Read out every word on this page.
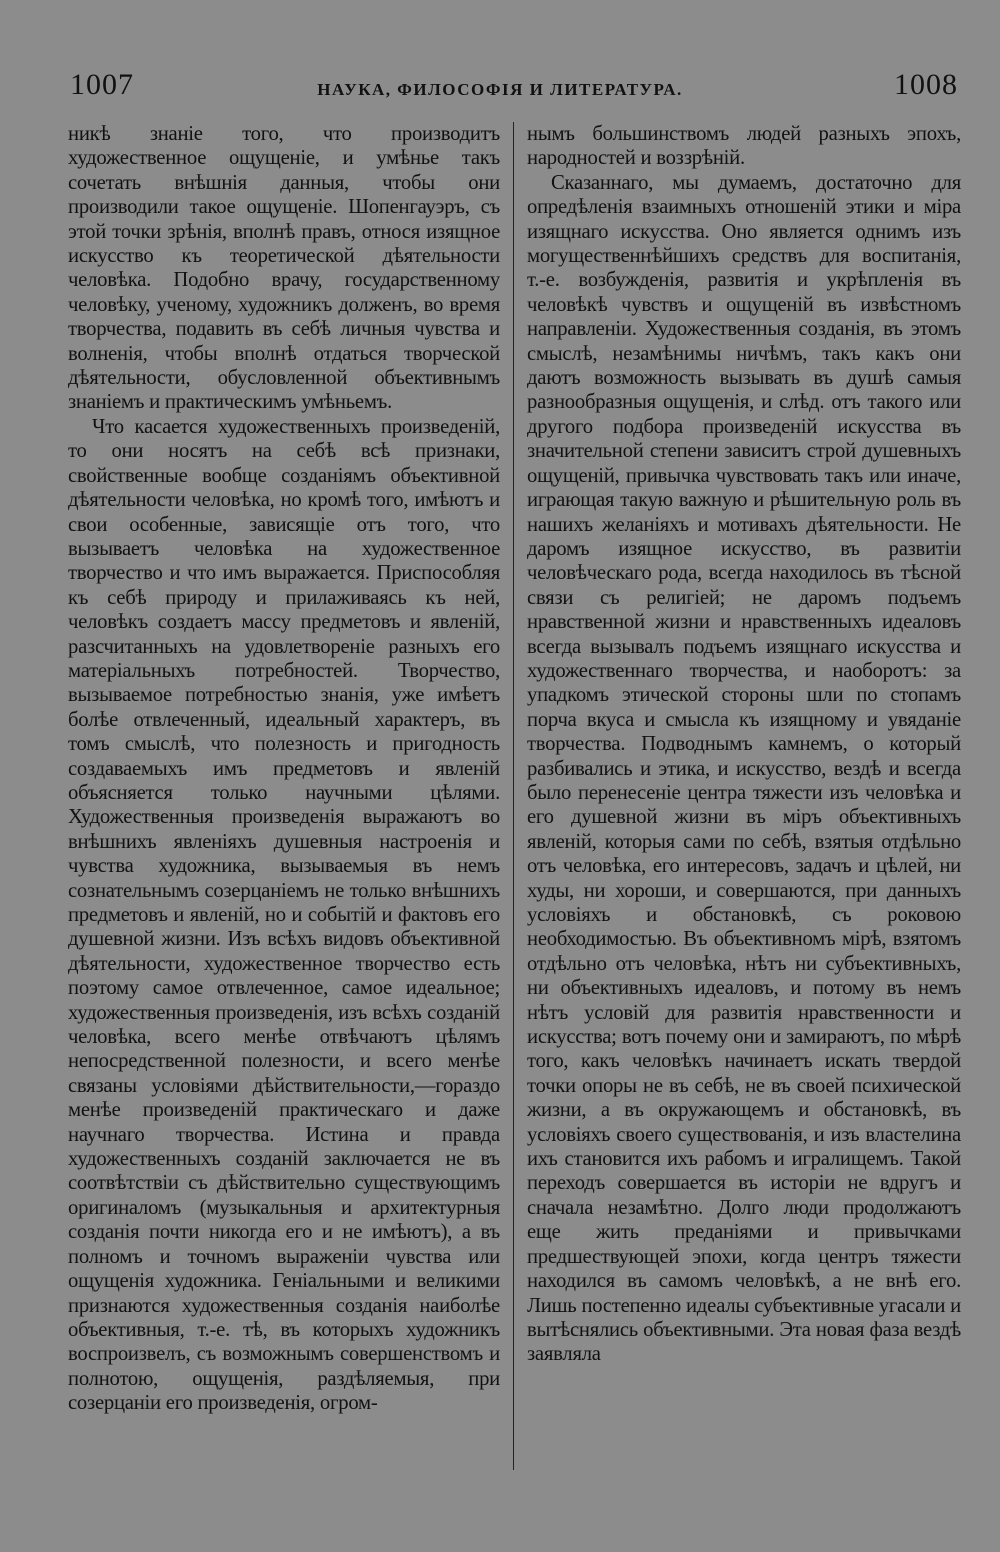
1007	НАУКА, ФИЛОСОФІЯ И ЛИТЕРАТУРА.	1008

никѣ знаніе того, что производитъ художественное ощущеніе, и умѣнье такъ сочетать внѣшнія данныя, чтобы они производили такое ощущеніе. Шопенгауэръ, съ этой точки зрѣнія, вполнѣ правъ, относя изящное искусство къ теоретической дѣятельности человѣка. Подобно врачу, государственному человѣку, ученому, художникъ долженъ, во время творчества, подавить въ себѣ личныя чувства и волненія, чтобы вполнѣ отдаться творческой дѣятельности, обусловленной объективнымъ знаніемъ и практическимъ умѣньемъ.

Что касается художественныхъ произведеній, то они носятъ на себѣ всѣ признаки, свойственные вообще созданіямъ объективной дѣятельности человѣка, но кромѣ того, имѣютъ и свои особенные, зависящіе отъ того, что вызываетъ человѣка на художественное творчество и что имъ выражается. Приспособляя къ себѣ природу и прилаживаясь къ ней, человѣкъ создаетъ массу предметовъ и явленій, разсчитанныхъ на удовлетвореніе разныхъ его матеріальныхъ потребностей. Творчество, вызываемое потребностью знанія, уже имѣетъ болѣе отвлеченный, идеальный характеръ, въ томъ смыслѣ, что полезность и пригодность создаваемыхъ имъ предметовъ и явленій объясняется только научными цѣлями. Художественныя произведенія выражаютъ во внѣшнихъ явленіяхъ душевныя настроенія и чувства художника, вызываемыя въ немъ сознательнымъ созерцаніемъ не только внѣшнихъ предметовъ и явленій, но и событій и фактовъ его душевной жизни. Изъ всѣхъ видовъ объективной дѣятельности, художественное творчество есть поэтому самое отвлеченное, самое идеальное; художественныя произведенія, изъ всѣхъ созданій человѣка, всего менѣе отвѣчаютъ цѣлямъ непосредственной полезности, и всего менѣе связаны условіями дѣйствительности,—гораздо менѣе произведеній практическаго и даже научнаго творчества. Истина и правда художественныхъ созданій заключается не въ соотвѣтствіи съ дѣйствительно существующимъ оригиналомъ (музыкальныя и архитектурныя созданія почти никогда его и не имѣютъ), а въ полномъ и точномъ выраженіи чувства или ощущенія художника. Геніальными и великими признаются художественныя созданія наиболѣе объективныя, т.-е. тѣ, въ которыхъ художникъ воспроизвелъ, съ возможнымъ совершенствомъ и полнотою, ощущенія, раздѣляемыя, при созерцаніи его произведенія, огром-

нымъ большинствомъ людей разныхъ эпохъ, народностей и воззрѣній.

Сказаннаго, мы думаемъ, достаточно для опредѣленія взаимныхъ отношеній этики и міра изящнаго искусства. Оно является однимъ изъ могущественнѣйшихъ средствъ для воспитанія, т.-е. возбужденія, развитія и укрѣпленія въ человѣкѣ чувствъ и ощущеній въ извѣстномъ направленіи. Художественныя созданія, въ этомъ смыслѣ, незамѣнимы ничѣмъ, такъ какъ они даютъ возможность вызывать въ душѣ самыя разнообразныя ощущенія, и слѣд. отъ такого или другого подбора произведеній искусства въ значительной степени зависитъ строй душевныхъ ощущеній, привычка чувствовать такъ или иначе, играющая такую важную и рѣшительную роль въ нашихъ желаніяхъ и мотивахъ дѣятельности. Не даромъ изящное искусство, въ развитіи человѣческаго рода, всегда находилось въ тѣсной связи съ религіей; не даромъ подъемъ нравственной жизни и нравственныхъ идеаловъ всегда вызывалъ подъемъ изящнаго искусства и художественнаго творчества, и наоборотъ: за упадкомъ этической стороны шли по стопамъ порча вкуса и смысла къ изящному и увяданіе творчества. Подводнымъ камнемъ, о который разбивались и этика, и искусство, вездѣ и всегда было перенесеніе центра тяжести изъ человѣка и его душевной жизни въ міръ объективныхъ явленій, которыя сами по себѣ, взятыя отдѣльно отъ человѣка, его интересовъ, задачъ и цѣлей, ни худы, ни хороши, и совершаются, при данныхъ условіяхъ и обстановкѣ, съ роковою необходимостью. Въ объективномъ мірѣ, взятомъ отдѣльно отъ человѣка, нѣтъ ни субъективныхъ, ни объективныхъ идеаловъ, и потому въ немъ нѣтъ условій для развитія нравственности и искусства; вотъ почему они и замираютъ, по мѣрѣ того, какъ человѣкъ начинаетъ искать твердой точки опоры не въ себѣ, не въ своей психической жизни, а въ окружающемъ и обстановкѣ, въ условіяхъ своего существованія, и изъ властелина ихъ становится ихъ рабомъ и игралищемъ. Такой переходъ совершается въ исторіи не вдругъ и сначала незамѣтно. Долго люди продолжаютъ еще жить преданіями и привычками предшествующей эпохи, когда центръ тяжести находился въ самомъ человѣкѣ, а не внѣ его. Лишь постепенно идеалы субъективные угасали и вытѣснялись объективными. Эта новая фаза вездѣ заявляла
